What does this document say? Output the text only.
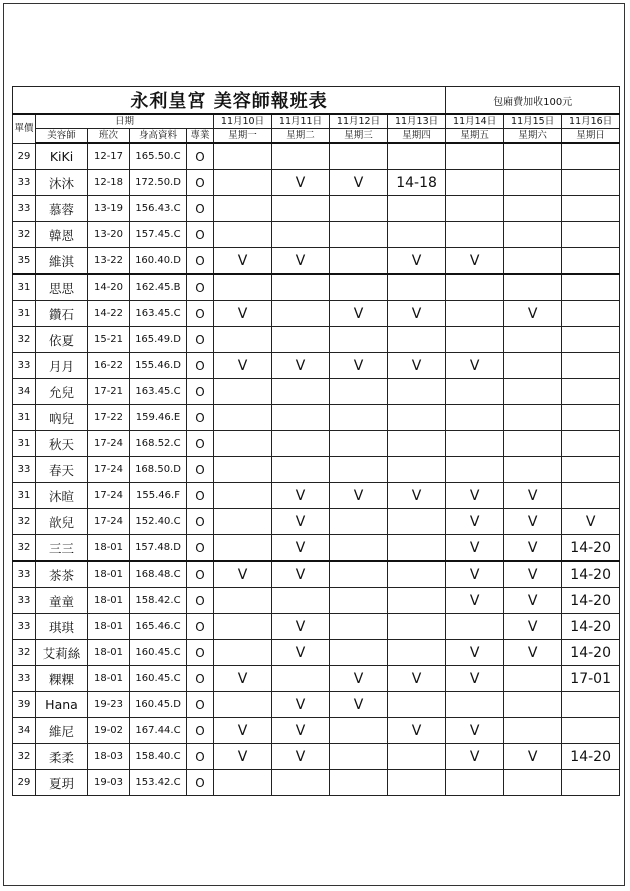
永利皇宮 美容師報班表									包廂費加收100元		
單價	日期				11月10日	11月11日	11月12日	11月13日	11月14日	11月15日	11月16日
	美容師	班次	身高資料	專業	星期一	星期二	星期三	星期四	星期五	星期六	星期日
29	KiKi	12-17	165.50.C	O							
33	沐沐	12-18	172.50.D	O		V	V	14-18			
33	慕蓉	13-19	156.43.C	O							
32	韓恩	13-20	157.45.C	O							
35	維淇	13-22	160.40.D	O	V	V		V	V		
31	思思	14-20	162.45.B	O							
31	鑽石	14-22	163.45.C	O	V		V	V		V	
32	依夏	15-21	165.49.D	O							
33	月月	16-22	155.46.D	O	V	V	V	V	V		
34	允兒	17-21	163.45.C	O							
31	吶兒	17-22	159.46.E	O							
31	秋天	17-24	168.52.C	O							
33	春天	17-24	168.50.D	O							
31	沐暄	17-24	155.46.F	O		V	V	V	V	V	
32	歆兒	17-24	152.40.C	O		V			V	V	V
32	三三	18-01	157.48.D	O		V			V	V	14-20
33	茶茶	18-01	168.48.C	O	V	V			V	V	14-20
33	童童	18-01	158.42.C	O					V	V	14-20
33	琪琪	18-01	165.46.C	O		V				V	14-20
32	艾莉絲	18-01	160.45.C	O		V			V	V	14-20
33	粿粿	18-01	160.45.C	O	V		V	V	V		17-01
39	Hana	19-23	160.45.D	O		V	V				
34	維尼	19-02	167.44.C	O	V	V		V	V		
32	柔柔	18-03	158.40.C	O	V	V			V	V	14-20
29	夏玥	19-03	153.42.C	O							
